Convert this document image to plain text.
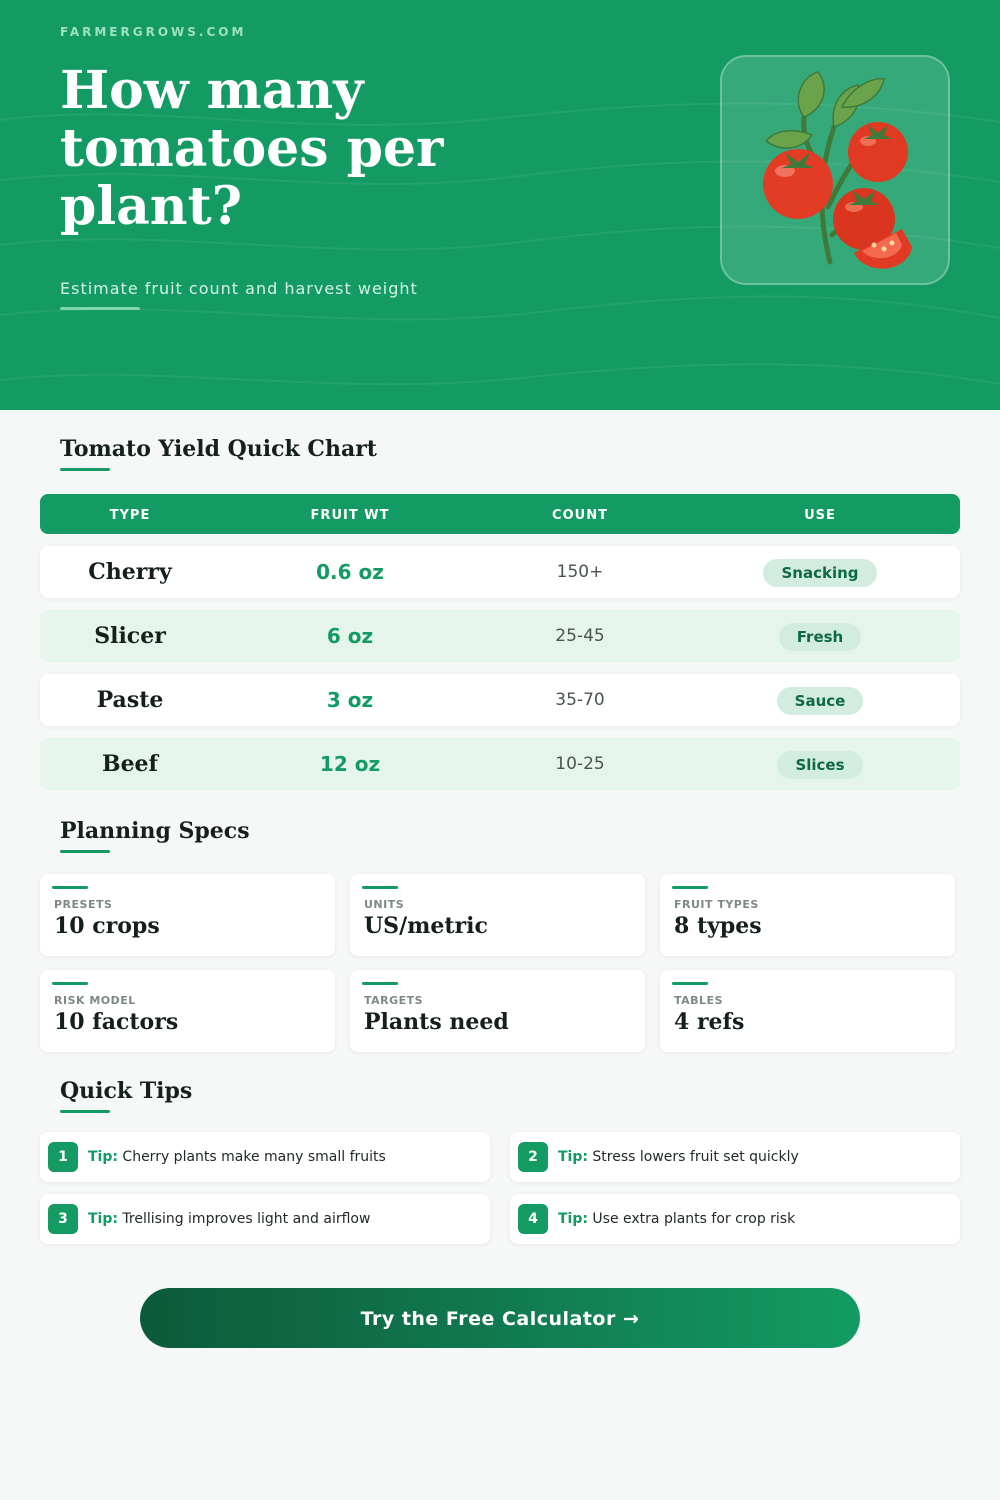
FARMERGROWS.COM
How many tomatoes per plant?
Estimate fruit count and harvest weight
Tomato Yield Quick Chart
TYPE	FRUIT WT	COUNT	USE
Cherry	0.6 oz	150+	Snacking
Slicer	6 oz	25-45	Fresh
Paste	3 oz	35-70	Sauce
Beef	12 oz	10-25	Slices
Planning Specs
PRESETS
10 crops
UNITS
US/metric
FRUIT TYPES
8 types
RISK MODEL
10 factors
TARGETS
Plants need
TABLES
4 refs
Quick Tips
1	Tip: Cherry plants make many small fruits	2	Tip: Stress lowers fruit set quickly
3	Tip: Trellising improves light and airflow	4	Tip: Use extra plants for crop risk
Try the Free Calculator →
